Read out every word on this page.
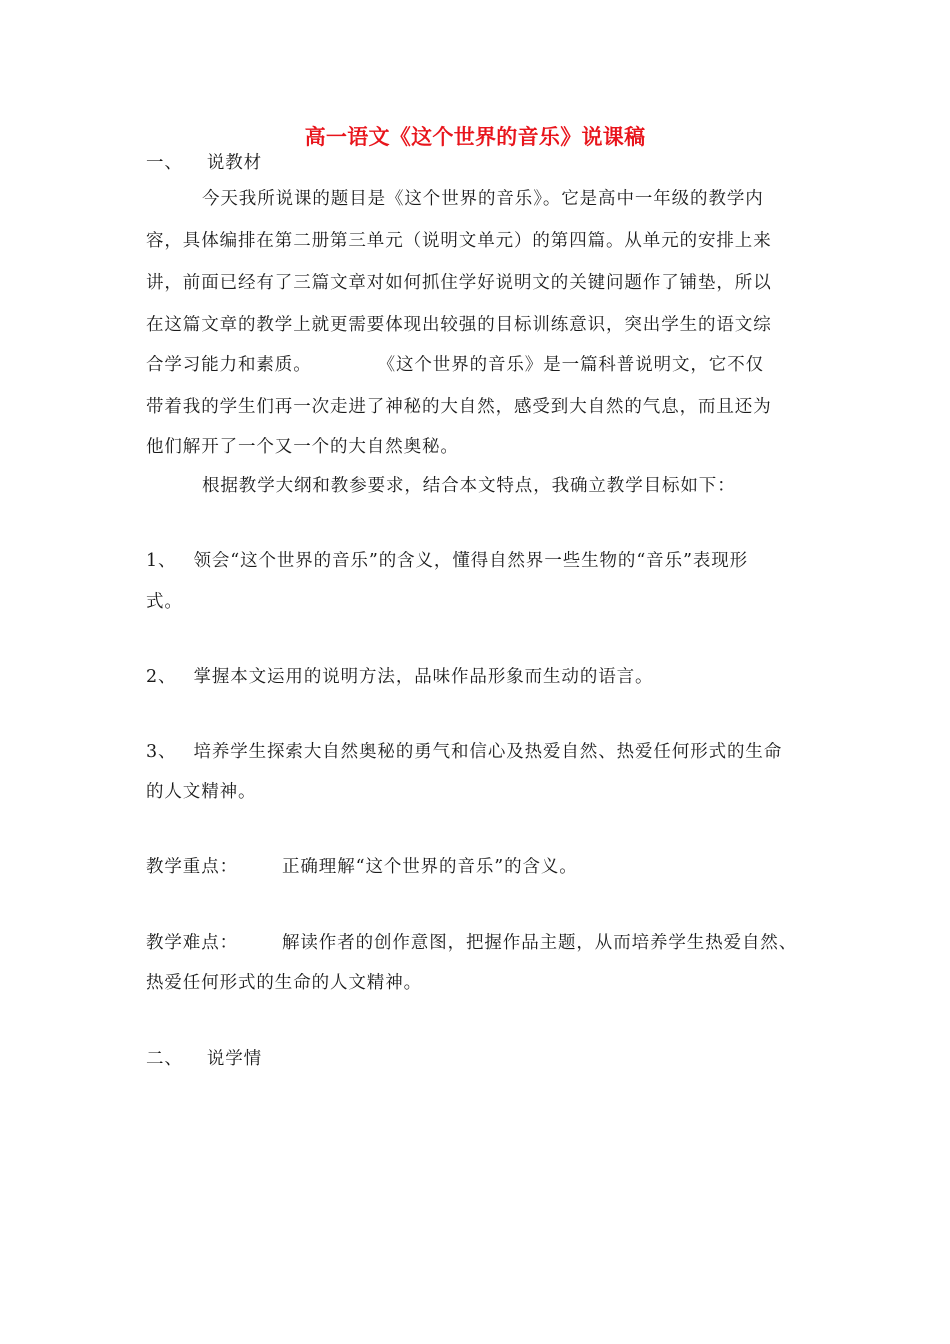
高一语文《这个世界的音乐》说课稿
一、 说教材
今天我所说课的题目是《这个世界的音乐》。它是高中一年级的教学内
容，具体编排在第二册第三单元（说明文单元）的第四篇。从单元的安排上来
讲，前面已经有了三篇文章对如何抓住学好说明文的关键问题作了铺垫，所以
在这篇文章的教学上就更需要体现出较强的目标训练意识，突出学生的语文综
合学习能力和素质。	《这个世界的音乐》是一篇科普说明文，它不仅
带着我的学生们再一次走进了神秘的大自然，感受到大自然的气息，而且还为
他们解开了一个又一个的大自然奥秘。
根据教学大纲和教参要求，结合本文特点，我确立教学目标如下：
1、 领会“这个世界的音乐”的含义，懂得自然界一些生物的“音乐”表现形
式。
2、 掌握本文运用的说明方法，品味作品形象而生动的语言。
3、 培养学生探索大自然奥秘的勇气和信心及热爱自然、热爱任何形式的生命
的人文精神。
教学重点：	正确理解“这个世界的音乐”的含义。
教学难点：	解读作者的创作意图，把握作品主题，从而培养学生热爱自然、
热爱任何形式的生命的人文精神。
二、 说学情
